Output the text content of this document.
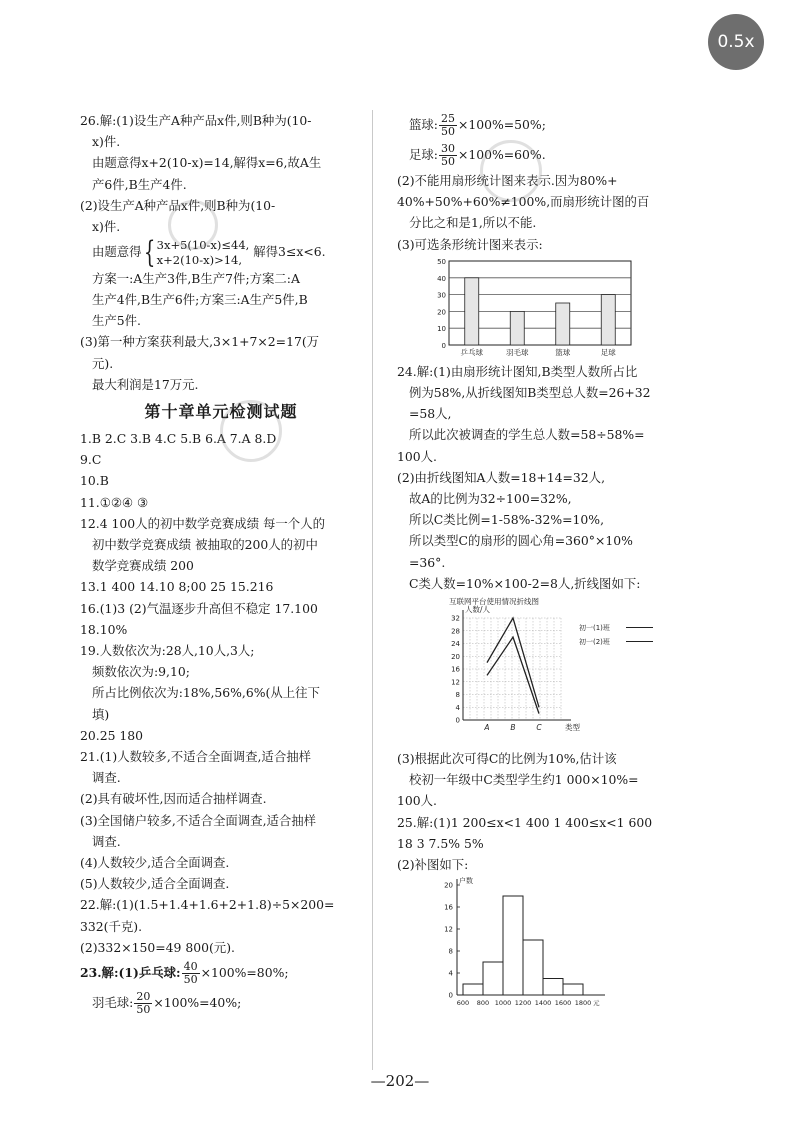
26.解:(1)设生产A种产品x件,则B种为(10-
x)件.
由题意得x+2(10-x)=14,解得x=6,故A生
产6件,B生产4件.
(2)设生产A种产品x件,则B种为(10-
x)件.
由题意得{ 3x+5(10-x)≤44,
x+2(10-x)>14,
解得3≤x<6.
方案一:A生产3件,B生产7件;方案二:A
生产4件,B生产6件;方案三:A生产5件,B
生产5件.
(3)第一种方案获利最大,3×1+7×2=17(万
元).
最大利润是17万元.
第十章单元检测试题
1.B 2.C 3.B 4.C 5.B 6.A 7.A 8.D
9.C
10.B
11.①②④ ③
12.4 100人的初中数学竞赛成绩 每一个人的
初中数学竞赛成绩 被抽取的200人的初中
数学竞赛成绩 200
13.1 400 14.10 8;00 25 15.216
16.(1)3 (2)气温逐步升高但不稳定 17.100
18.10%
19.人数依次为:28人,10人,3人;
频数依次为:9,10;
所占比例依次为:18%,56%,6%(从上往下
填)
20.25 180
21.(1)人数较多,不适合全面调查,适合抽样
调查.
(2)具有破坏性,因而适合抽样调查.
(3)全国储户较多,不适合全面调查,适合抽样
调查.
(4)人数较少,适合全面调查.
(5)人数较少,适合全面调查.
22.解:(1)(1.5+1.4+1.6+2+1.8)÷5×200=
332(千克).
(2)332×150=49 800(元).
23.解:(1)乒乓球: $\frac{40}{50} \times 100\%=80\%$;
羽毛球: $\frac{20}{50} \times 100\%=40\%$;
篮球: $\frac{25}{50} \times 100\%=50\%$;
足球: $\frac{30}{50} \times 100\%=60\%$.
(2)不能用扇形统计图来表示.因为80%+
40%+50%+60%≠100%,而扇形统计图的百
分比之和是1,所以不能.
(3)可选条形统计图来表示:
0
10
20
30
40
50
乒乓球	羽毛球	篮球	足球
24.解:(1)由扇形统计图知,B类型人数所占比
例为58%,从折线图知B类型总人数=26+32
=58人,
所以此次被调查的学生总人数=58÷58%=
100人.
(2)由折线图知A人数=18+14=32人,
故A的比例为32÷100=32%,
所以C类比例=1-58%-32%=10%,
所以类型C的扇形的圆心角=360°×10%
=36°.
C类人数=10%×100-2=8人,折线图如下:
互联网平台使用情况折线图
人数/人
0
4
8
12
16
20
24
28
32
A	B	C	类型
初一(1)班
初一(2)班
(3)根据此次可得C的比例为10%,估计该
校初一年级中C类型学生约1 000×10%=
100人.
25.解:(1)1 200≤x<1 400 1 400≤x<1 600
18 3 7.5% 5%
(2)补图如下:
户数
0
4
8
12
16
20
600 800 1000 1200 1400 1600 1800 元
—202—
0.5x
